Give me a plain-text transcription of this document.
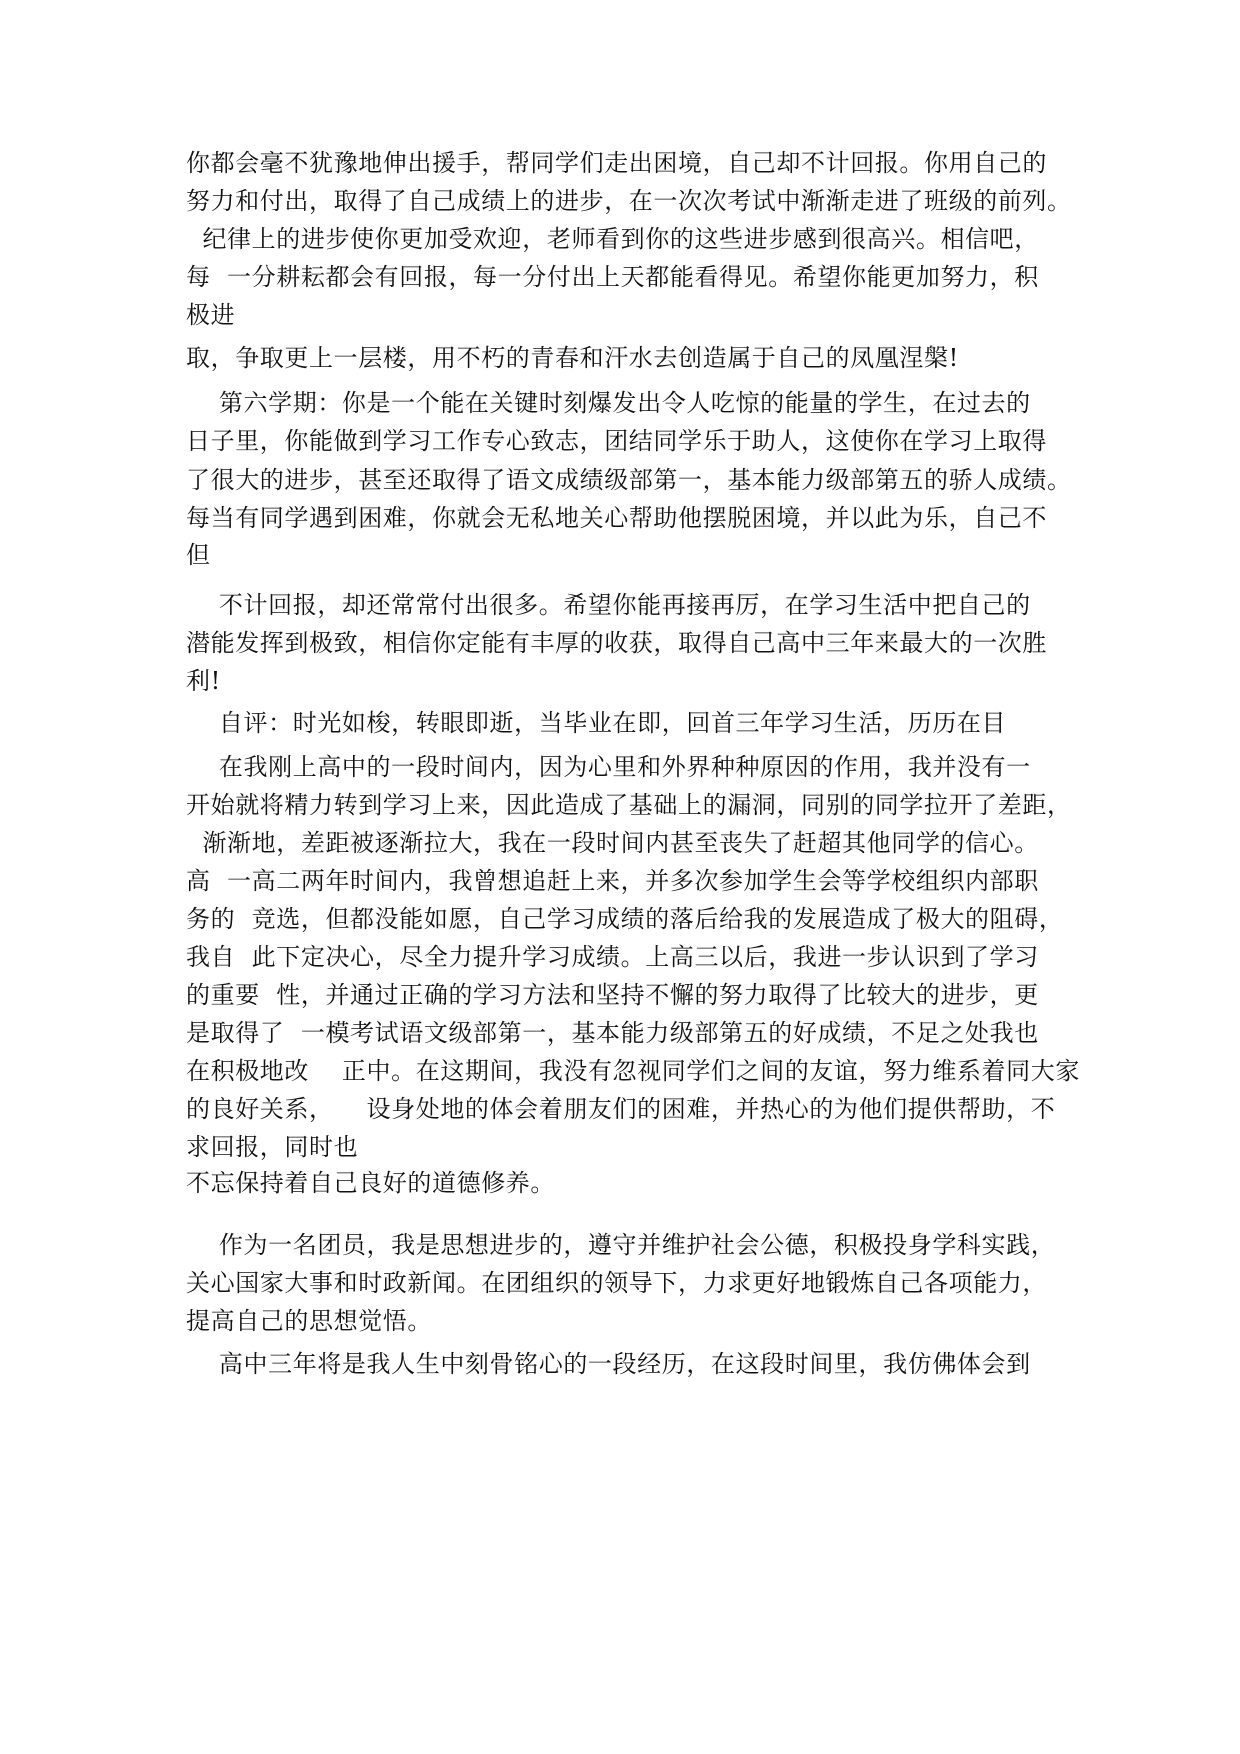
你都会毫不犹豫地伸出援手，帮同学们走出困境，自己却不计回报。你用自己的
努力和付出，取得了自己成绩上的进步，在一次次考试中渐渐走进了班级的前列。
纪律上的进步使你更加受欢迎，老师看到你的这些进步感到很高兴。相信吧，
每  一分耕耘都会有回报，每一分付出上天都能看得见。希望你能更加努力，积
极进
取，争取更上一层楼，用不朽的青春和汗水去创造属于自己的凤凰涅槃!
第六学期：你是一个能在关键时刻爆发出令人吃惊的能量的学生，在过去的
日子里，你能做到学习工作专心致志，团结同学乐于助人，这使你在学习上取得
了很大的进步，甚至还取得了语文成绩级部第一，基本能力级部第五的骄人成绩。
每当有同学遇到困难，你就会无私地关心帮助他摆脱困境，并以此为乐，自己不
但
不计回报，却还常常付出很多。希望你能再接再厉，在学习生活中把自己的
潜能发挥到极致，相信你定能有丰厚的收获，取得自己高中三年来最大的一次胜
利!
自评：时光如梭，转眼即逝，当毕业在即，回首三年学习生活，历历在目
在我刚上高中的一段时间内，因为心里和外界种种原因的作用，我并没有一
开始就将精力转到学习上来，因此造成了基础上的漏洞，同别的同学拉开了差距，
渐渐地，差距被逐渐拉大，我在一段时间内甚至丧失了赶超其他同学的信心。
高  一高二两年时间内，我曾想追赶上来，并多次参加学生会等学校组织内部职
务的  竞选，但都没能如愿，自己学习成绩的落后给我的发展造成了极大的阻碍，
我自  此下定决心，尽全力提升学习成绩。上高三以后，我进一步认识到了学习
的重要  性，并通过正确的学习方法和坚持不懈的努力取得了比较大的进步，更
是取得了  一模考试语文级部第一，基本能力级部第五的好成绩，不足之处我也
在积极地改    正中。在这期间，我没有忽视同学们之间的友谊，努力维系着同大家
的良好关系，    设身处地的体会着朋友们的困难，并热心的为他们提供帮助，不
求回报，同时也
不忘保持着自己良好的道德修养。
作为一名团员，我是思想进步的，遵守并维护社会公德，积极投身学科实践，
关心国家大事和时政新闻。在团组织的领导下，力求更好地锻炼自己各项能力，
提高自己的思想觉悟。
高中三年将是我人生中刻骨铭心的一段经历，在这段时间里，我仿佛体会到
